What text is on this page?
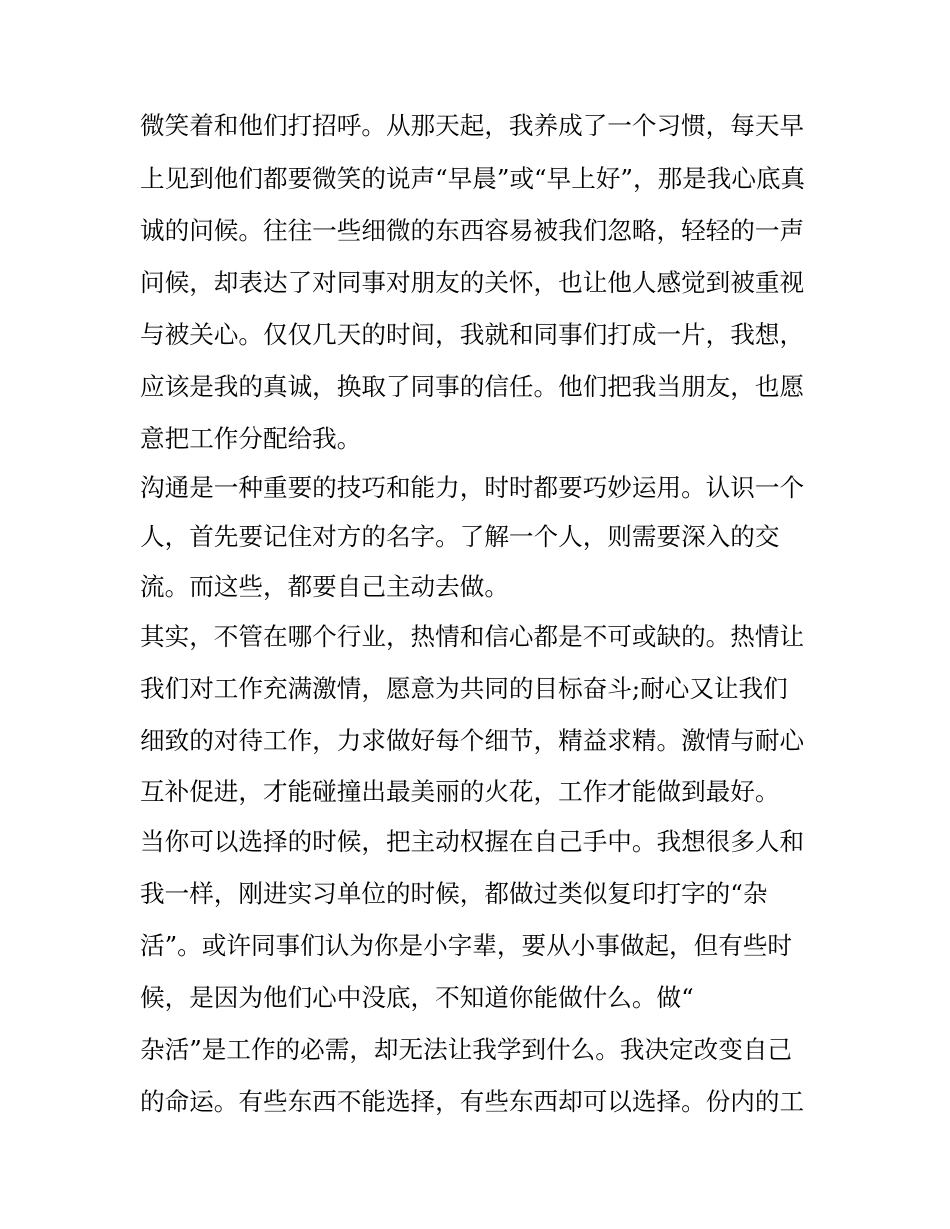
微笑着和他们打招呼。从那天起，我养成了一个习惯，每天早
上见到他们都要微笑的说声“早晨”或“早上好”，那是我心底真
诚的问候。往往一些细微的东西容易被我们忽略，轻轻的一声
问候，却表达了对同事对朋友的关怀，也让他人感觉到被重视
与被关心。仅仅几天的时间，我就和同事们打成一片，我想，
应该是我的真诚，换取了同事的信任。他们把我当朋友，也愿
意把工作分配给我。
沟通是一种重要的技巧和能力，时时都要巧妙运用。认识一个
人，首先要记住对方的名字。了解一个人，则需要深入的交
流。而这些，都要自己主动去做。
其实，不管在哪个行业，热情和信心都是不可或缺的。热情让
我们对工作充满激情，愿意为共同的目标奋斗;耐心又让我们
细致的对待工作，力求做好每个细节，精益求精。激情与耐心
互补促进，才能碰撞出最美丽的火花，工作才能做到最好。
当你可以选择的时候，把主动权握在自己手中。我想很多人和
我一样，刚进实习单位的时候，都做过类似复印打字的“杂
活”。或许同事们认为你是小字辈，要从小事做起，但有些时
候，是因为他们心中没底，不知道你能做什么。做“
杂活”是工作的必需，却无法让我学到什么。我决定改变自己
的命运。有些东西不能选择，有些东西却可以选择。份内的工
